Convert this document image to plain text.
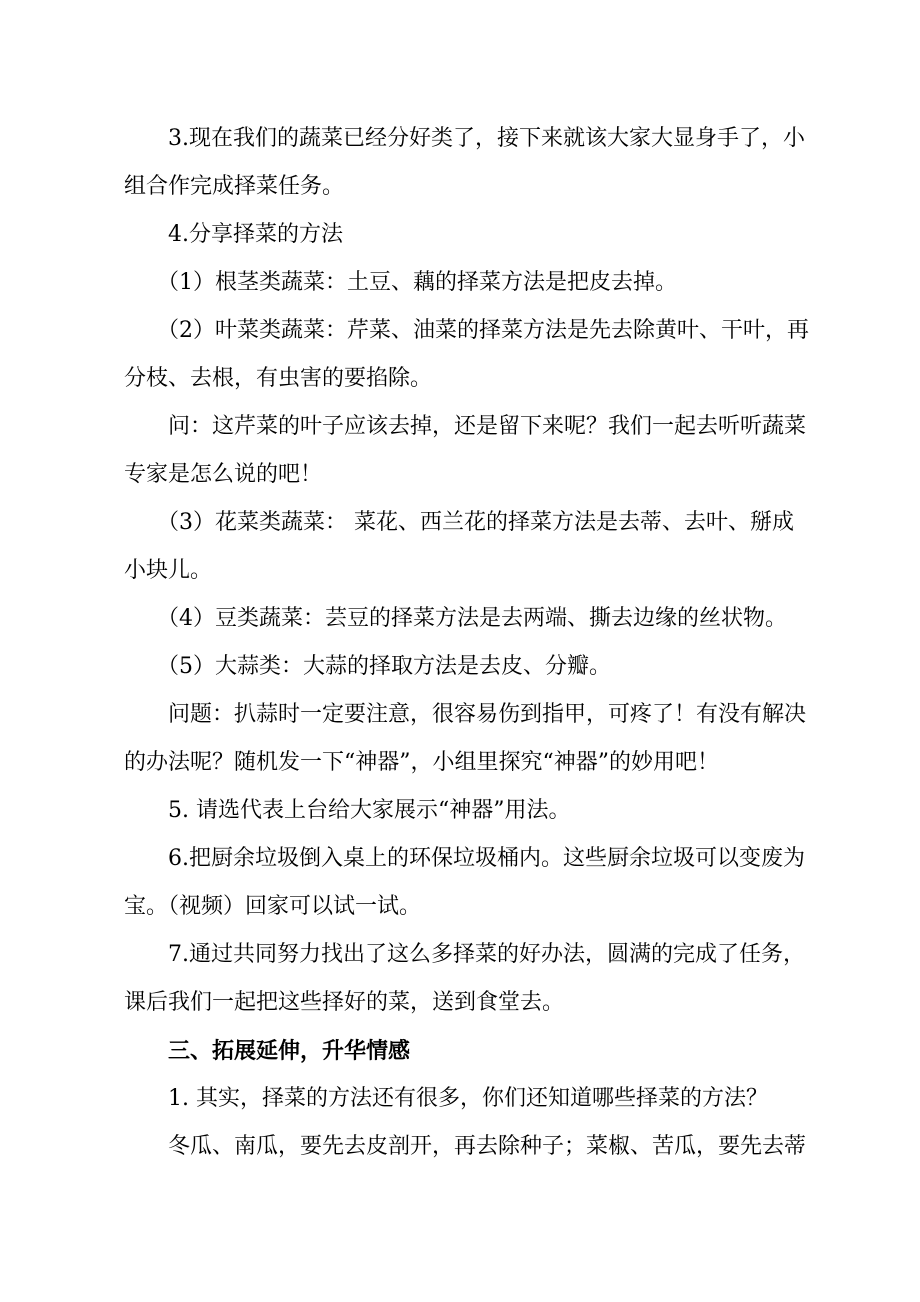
3.现在我们的蔬菜已经分好类了，接下来就该大家大显身手了，小
组合作完成择菜任务。
4.分享择菜的方法
（1）根茎类蔬菜：土豆、藕的择菜方法是把皮去掉。
（2）叶菜类蔬菜：芹菜、油菜的择菜方法是先去除黄叶、干叶，再
分枝、去根，有虫害的要掐除。
问：这芹菜的叶子应该去掉，还是留下来呢？我们一起去听听蔬菜
专家是怎么说的吧！
（3）花菜类蔬菜： 菜花、西兰花的择菜方法是去蒂、去叶、掰成
小块儿。
（4）豆类蔬菜：芸豆的择菜方法是去两端、撕去边缘的丝状物。
（5）大蒜类：大蒜的择取方法是去皮、分瓣。
问题：扒蒜时一定要注意，很容易伤到指甲，可疼了！有没有解决
的办法呢？随机发一下“神器”，小组里探究“神器”的妙用吧！
5. 请选代表上台给大家展示“神器”用法。
6.把厨余垃圾倒入桌上的环保垃圾桶内。这些厨余垃圾可以变废为
宝。（视频）回家可以试一试。
7.通过共同努力找出了这么多择菜的好办法，圆满的完成了任务，
课后我们一起把这些择好的菜，送到食堂去。
三、拓展延伸，升华情感
1. 其实，择菜的方法还有很多，你们还知道哪些择菜的方法？
冬瓜、南瓜，要先去皮剖开，再去除种子；菜椒、苦瓜，要先去蒂
